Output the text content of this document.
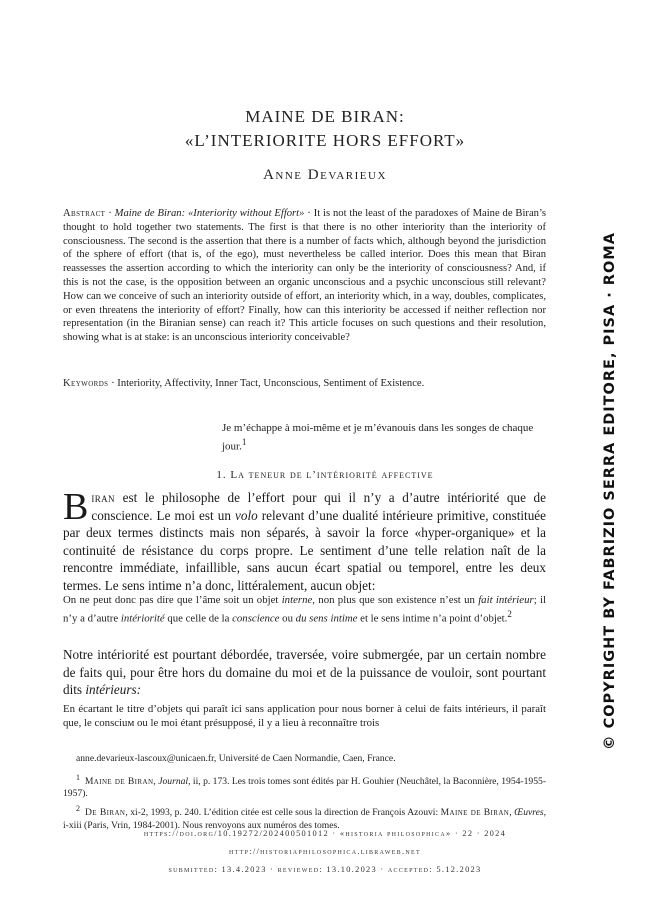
MAINE DE BIRAN:
«L’INTERIORITE HORS EFFORT»
Anne Devarieux
Abstract · Maine de Biran: «Interiority without Effort» · It is not the least of the paradoxes of Maine de Biran’s thought to hold together two statements. The first is that there is no other interiority than the interiority of consciousness. The second is the assertion that there is a number of facts which, although beyond the jurisdiction of the sphere of effort (that is, of the ego), must nevertheless be called interior. Does this mean that Biran reassesses the assertion according to which the interiority can only be the interiority of consciousness? And, if this is not the case, is the opposition between an organic unconscious and a psychic unconscious still relevant? How can we conceive of such an interiority outside of effort, an interiority which, in a way, doubles, complicates, or even threatens the interiority of effort? Finally, how can this interiority be accessed if neither reflection nor representation (in the Biranian sense) can reach it? This article focuses on such questions and their resolution, showing what is at stake: is an unconscious interiority conceivable?
Keywords · Interiority, Affectivity, Inner Tact, Unconscious, Sentiment of Existence.
Je m’échappe à moi-même et je m’évanouis dans les songes de chaque jour.$^1$
1. La teneur de l’intériorité affective
Biran est le philosophe de l’effort pour qui il n’y a d’autre intériorité que de conscience. Le moi est un volo relevant d’une dualité intérieure primitive, constituée par deux termes distincts mais non séparés, à savoir la force «hyper-organique» et la continuité de résistance du corps propre. Le sentiment d’une telle relation naît de la rencontre immédiate, infaillible, sans aucun écart spatial ou temporel, entre les deux termes. Le sens intime n’a donc, littéralement, aucun objet:
On ne peut donc pas dire que l’âme soit un objet interne, non plus que son existence n’est un fait intérieur; il n’y a d’autre intériorité que celle de la conscience ou du sens intime et le sens intime n’a point d’objet.$^2$
Notre intériorité est pourtant débordée, traversée, voire submergée, par un certain nombre de faits qui, pour être hors du domaine du moi et de la puissance de vouloir, sont pourtant dits intérieurs:
En écartant le titre d’objets qui paraît ici sans application pour nous borner à celui de faits intérieurs, il paraît que, le consciuм ou le moi étant présupposé, il y a lieu à reconnaître trois
anne.devarieux-lascoux@unicaen.fr, Université de Caen Normandie, Caen, France.
$^1$ Maine de Biran, Journal, ii, p. 173. Les trois tomes sont édités par H. Gouhier (Neuchâtel, la Baconnière, 1954-1955-1957).
$^2$ De Biran, xi-2, 1993, p. 240. L’édition citée est celle sous la direction de François Azouvi: Maine de Biran, Œuvres, i-xiii (Paris, Vrin, 1984-2001). Nous renvoyons aux numéros des tomes.
https://doi.org/10.19272/202400501012 · «historia philosophica» · 22 · 2024
http://historiaphilosophica.libraweb.net
submitted: 13.4.2023 · reviewed: 13.10.2023 · accepted: 5.12.2023
© COPYRIGHT BY FABRIZIO SERRA EDITORE, PISA · ROMA
